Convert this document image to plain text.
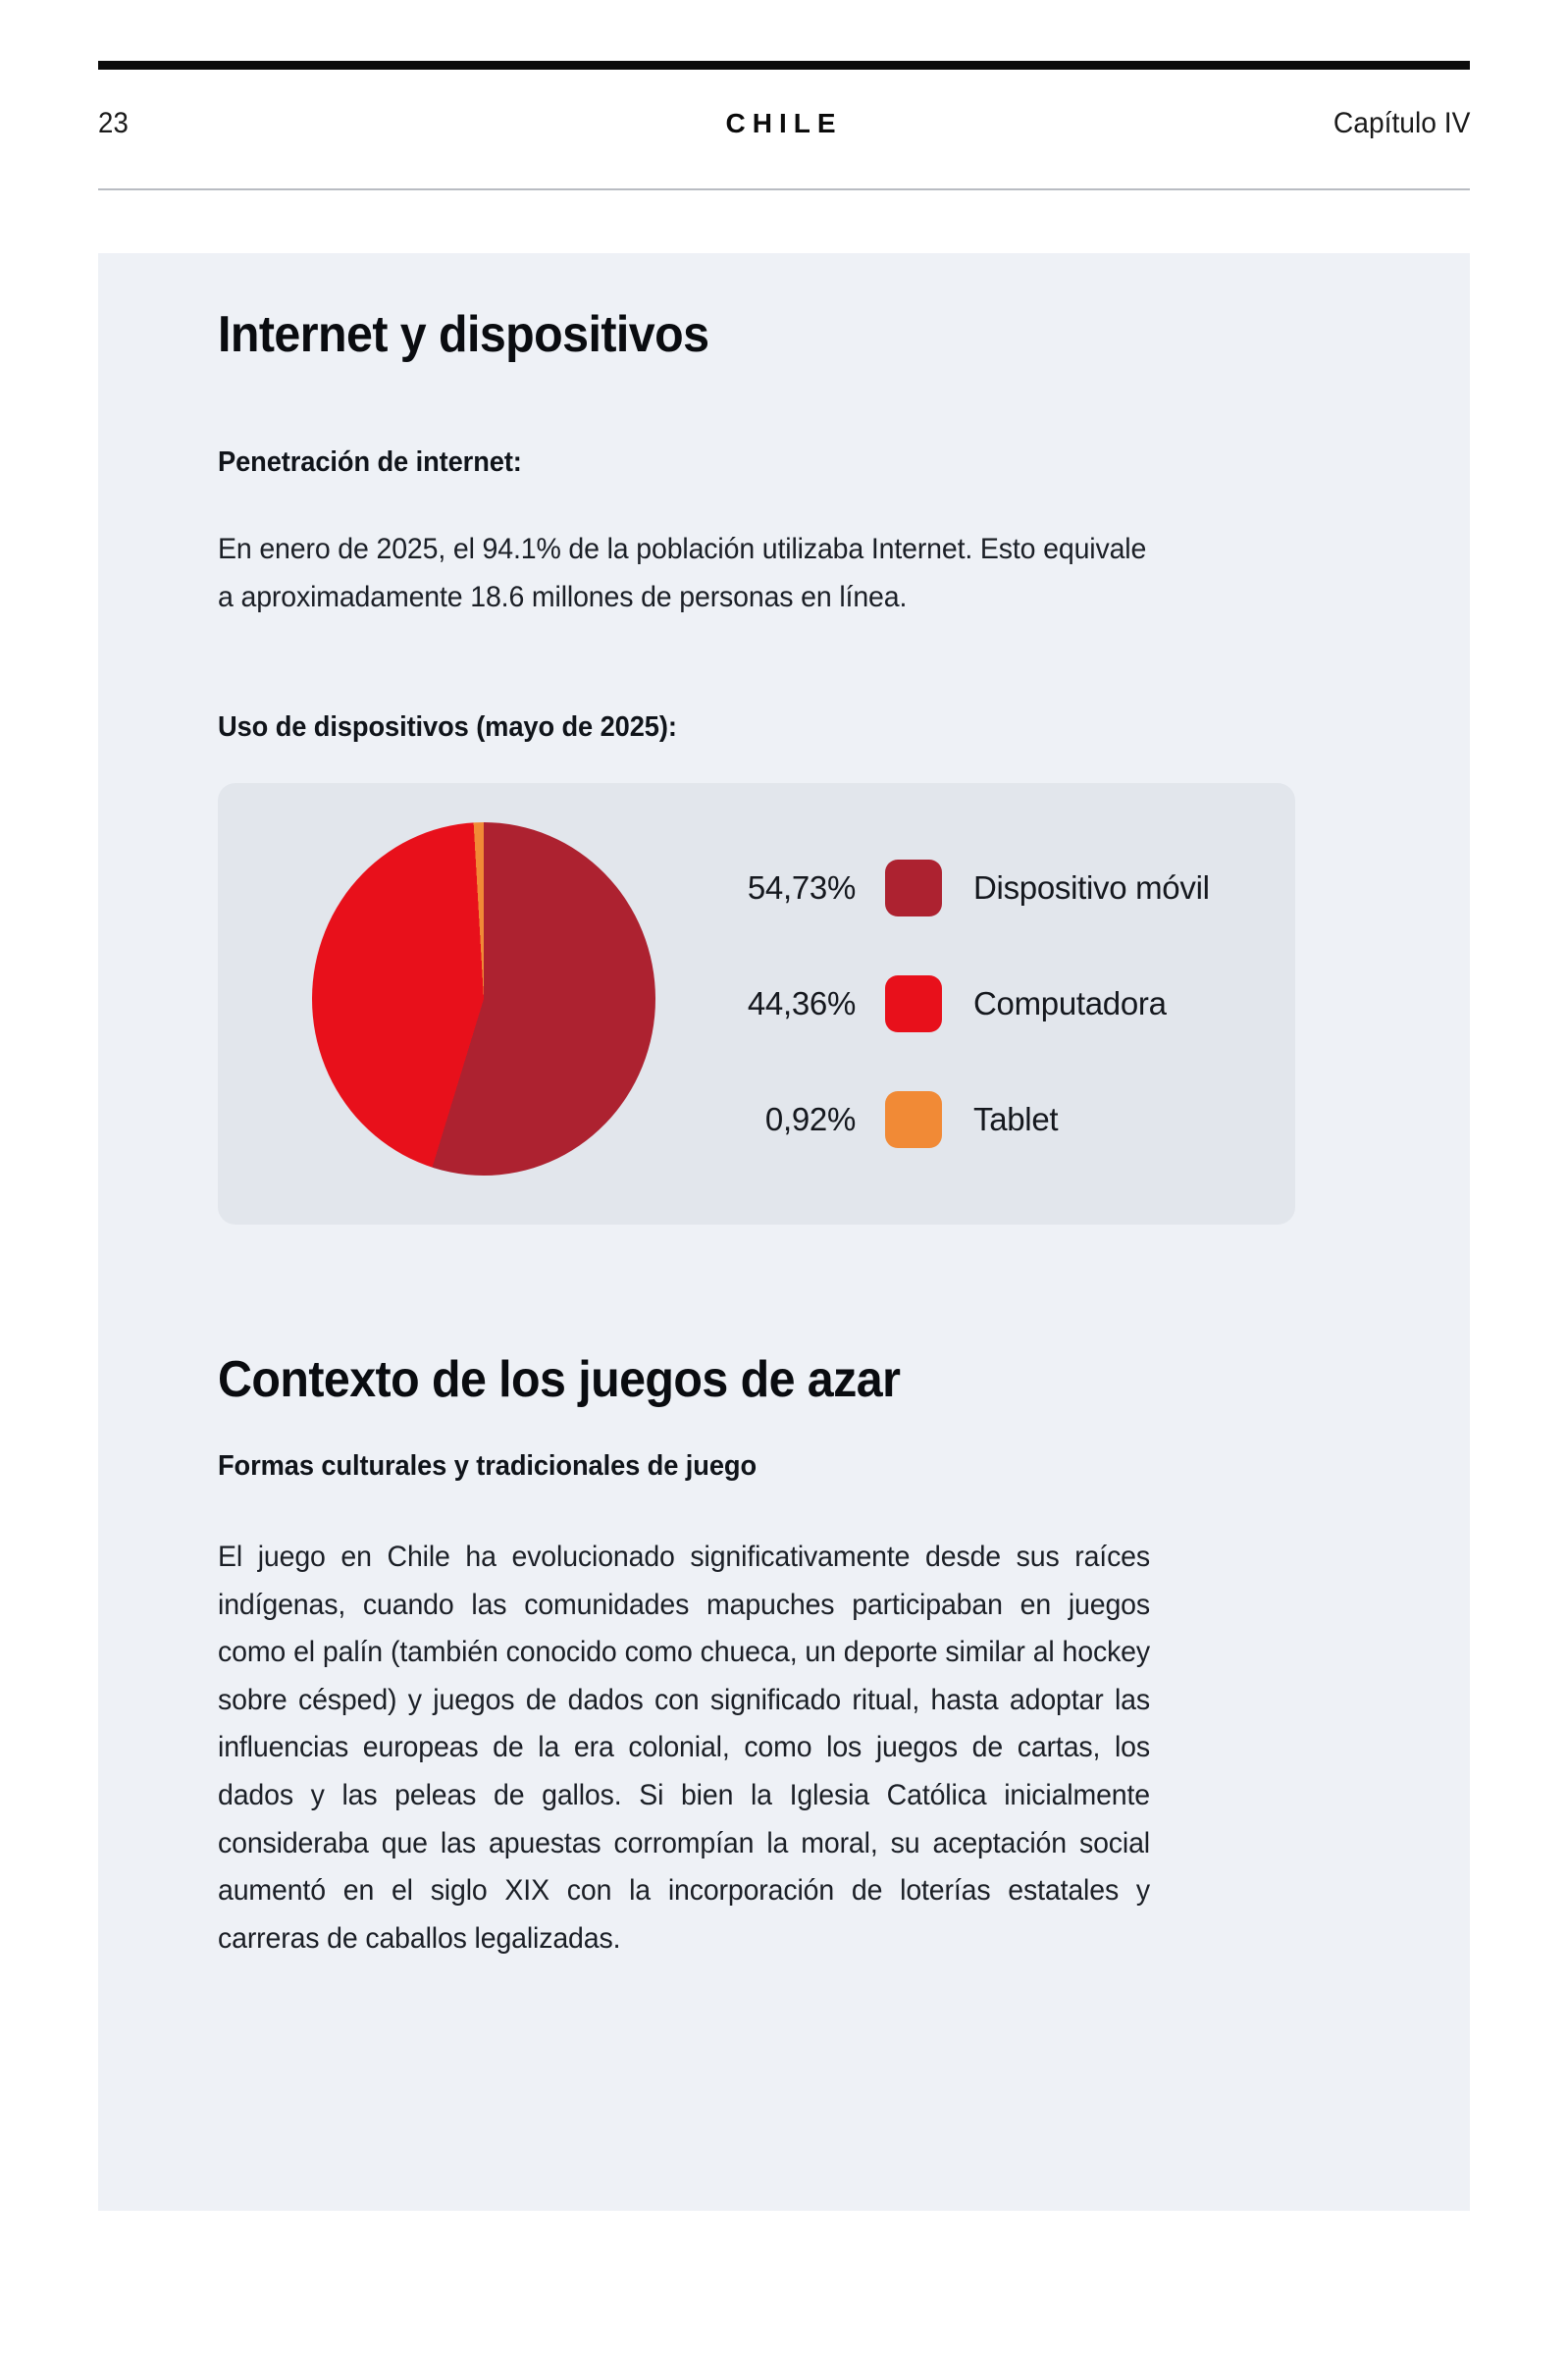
23	CHILE	Capítulo IV
Internet y dispositivos
Penetración de internet:

En enero de 2025, el 94.1% de la población utilizaba Internet. Esto equivale a aproximadamente 18.6 millones de personas en línea.

Uso de dispositivos (mayo de 2025):
54,73%	Dispositivo móvil
44,36%	Computadora
0,92%	Tablet
Contexto de los juegos de azar
Formas culturales y tradicionales de juego

El juego en Chile ha evolucionado significativamente desde sus raíces indígenas, cuando las comunidades mapuches participaban en juegos como el palín (también conocido como chueca, un deporte similar al hockey sobre césped) y juegos de dados con significado ritual, hasta adoptar las influencias europeas de la era colonial, como los juegos de cartas, los dados y las peleas de gallos. Si bien la Iglesia Católica inicialmente consideraba que las apuestas corrompían la moral, su aceptación social aumentó en el siglo XIX con la incorporación de loterías estatales y carreras de caballos legalizadas.
